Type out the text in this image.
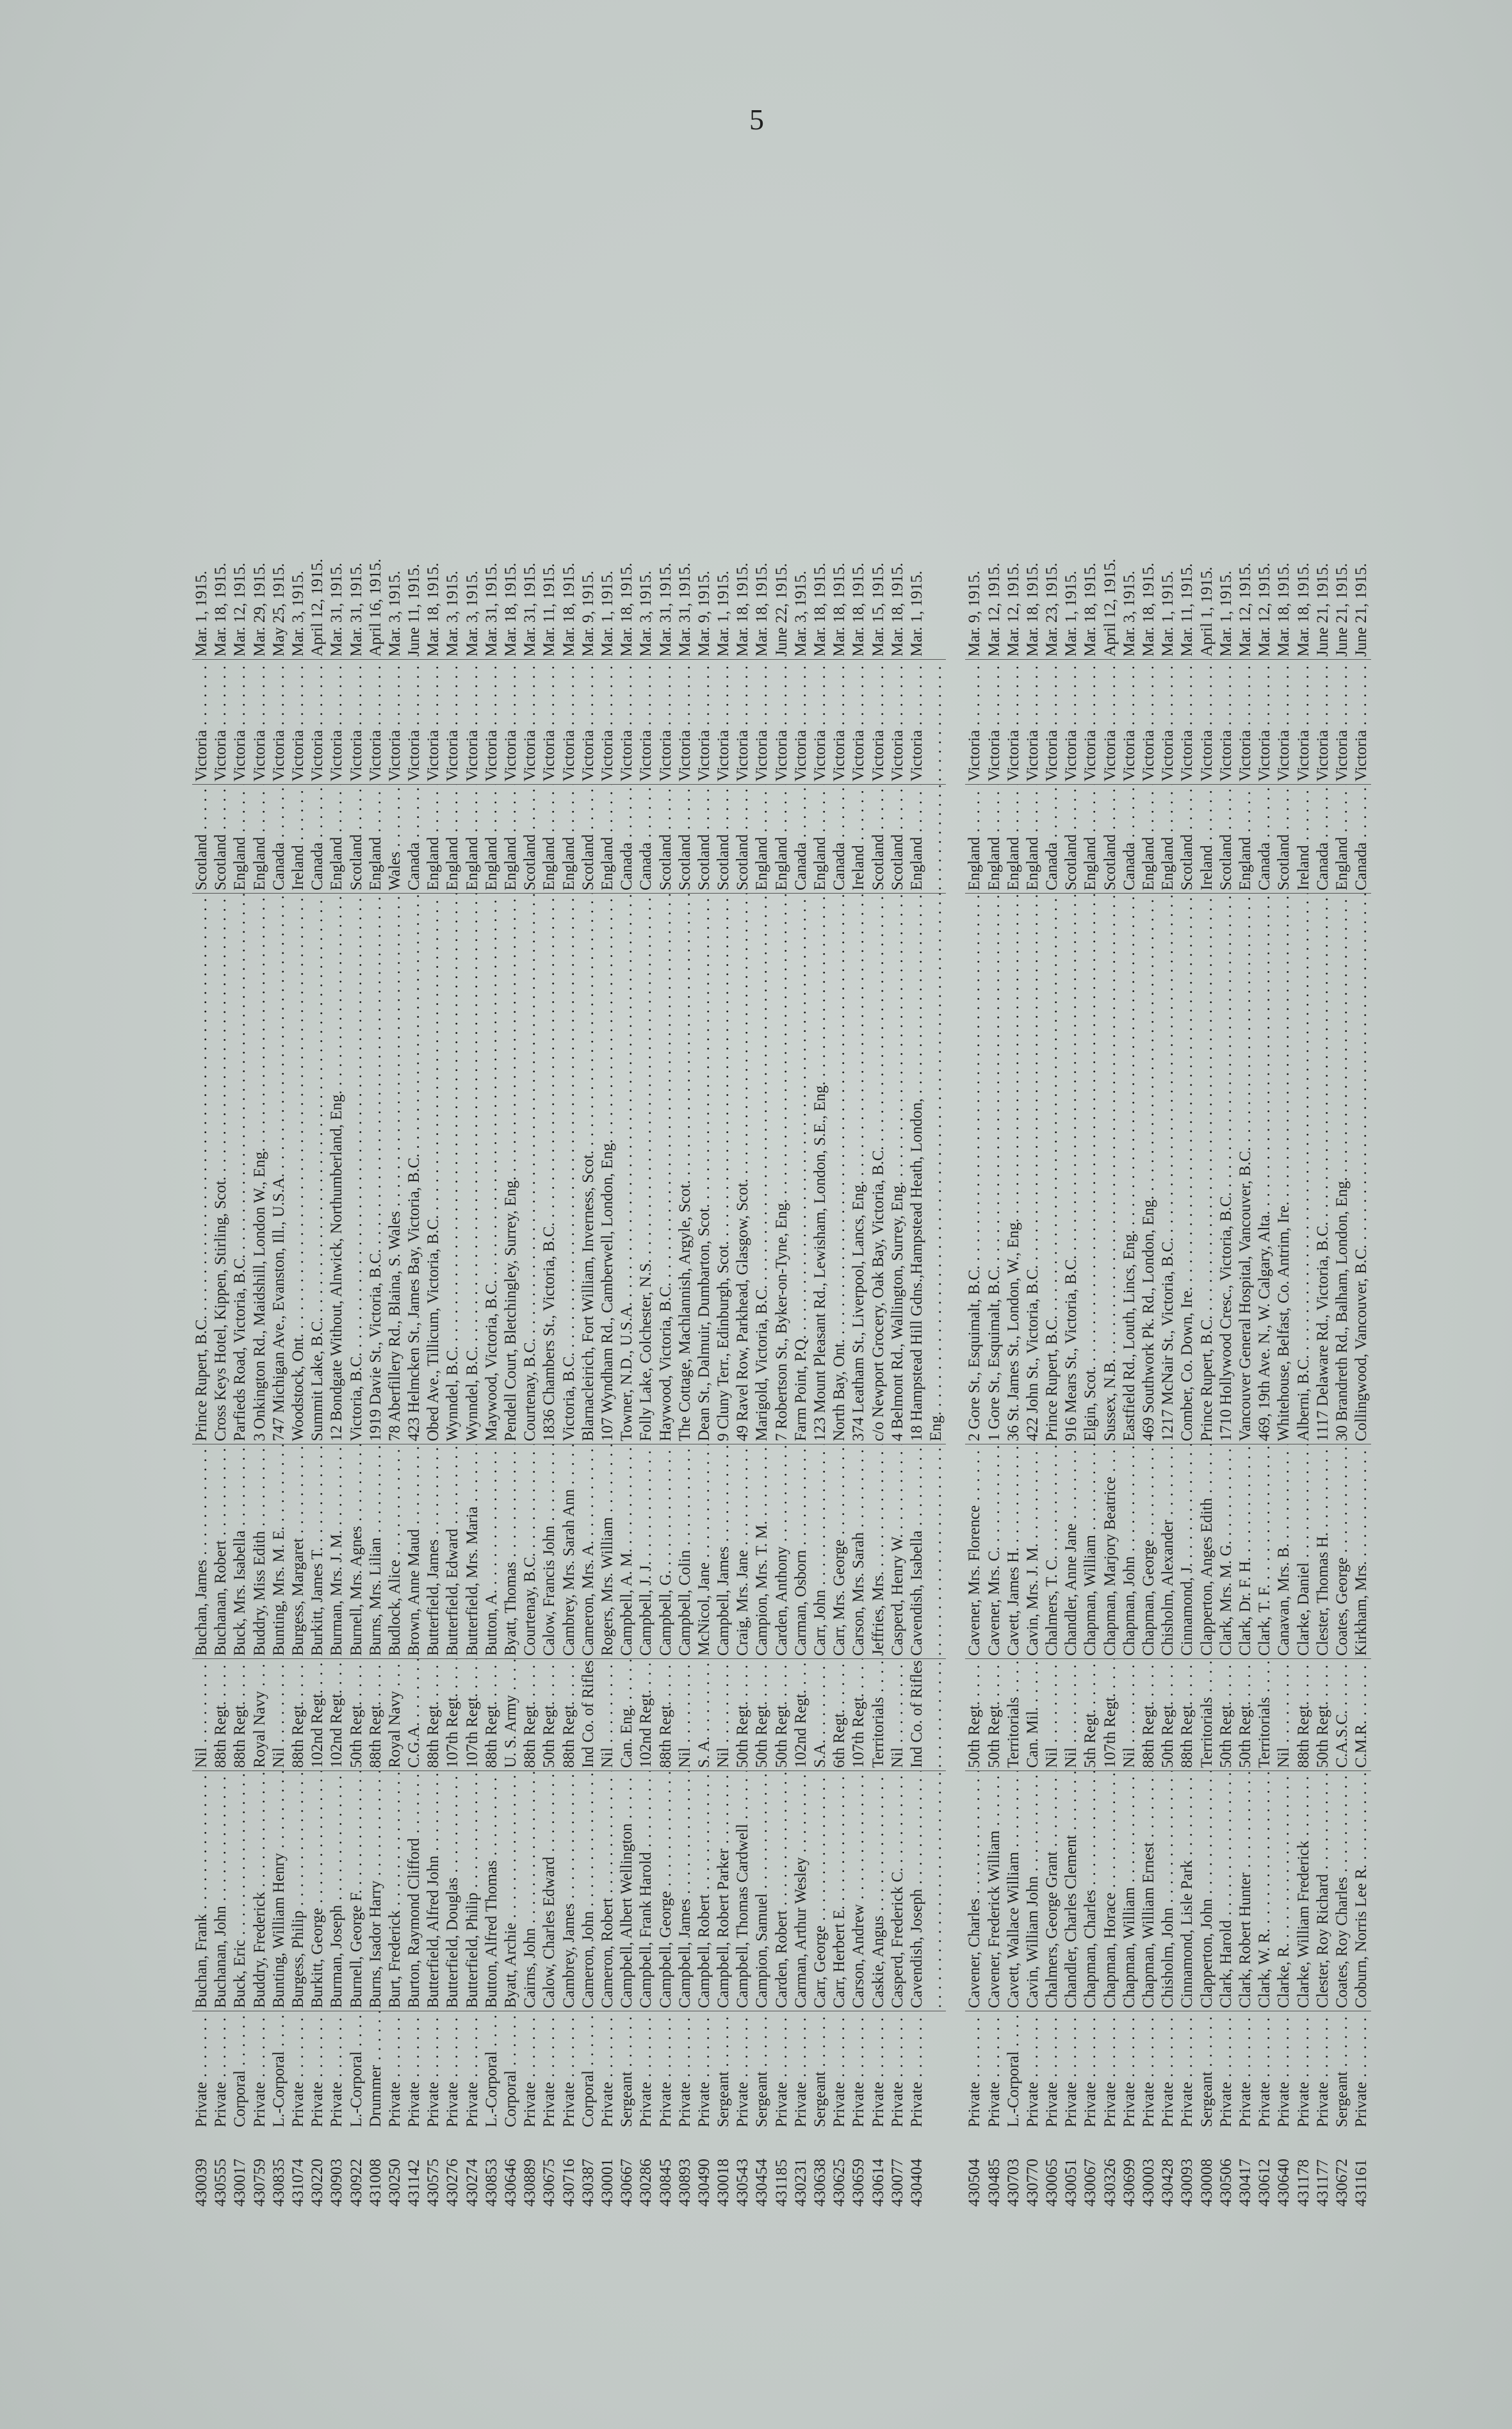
5
430039
Private . . .
Buchan, Frank . . .
Nil . . .
Buchan, James . . .
Prince Rupert, B.C. . . .
Scotland . . .
Victoria . . .
Mar. 1, 1915.
430555
Private . . .
Buchanan, John . . .
88th Regt. . . .
Buchanan, Robert . . .
Cross Keys Hotel, Kippen, Stirling, Scot. . . .
Scotland . . .
Victoria . . .
Mar. 18, 1915.
430017
Corporal . . .
Buck, Eric . . .
88th Regt. . . .
Buck, Mrs. Isabella . . .
Parfieds Road, Victoria, B.C. . . .
England . . .
Victoria . . .
Mar. 12, 1915.
430759
Private . . .
Buddry, Frederick . . .
Royal Navy . . .
Buddry, Miss Edith . . .
3 Onkington Rd., Maidshill, London W., Eng. . . .
England . . .
Victoria . . .
Mar. 29, 1915.
430835
L.-Corporal . . .
Bunting, William Henry . . .
Nil . . .
Bunting, Mrs. M. E. . . .
747 Michigan Ave., Evanston, Ill., U.S.A. . . .
Canada . . .
Victoria . . .
May 25, 1915.
431074
Private . . .
Burgess, Philip . . .
88th Regt. . . .
Burgess, Margaret . . .
Woodstock, Ont. . . .
Ireland . . .
Victoria . . .
Mar. 3, 1915.
430220
Private . . .
Burkitt, George . . .
102nd Regt. . . .
Burkitt, James T. . . .
Summit Lake, B.C. . . .
Canada . . .
Victoria . . .
April 12, 1915.
430903
Private . . .
Burman, Joseph . . .
102nd Regt. . . .
Burman, Mrs. J. M. . . .
12 Bondgate Without, Alnwick, Northumberland, Eng. . . .
England . . .
Victoria . . .
Mar. 31, 1915.
430922
L.-Corporal . . .
Burnell, George F. . . .
50th Regt. . . .
Burnell, Mrs. Agnes . . .
Victoria, B.C. . . .
Scotland . . .
Victoria . . .
Mar. 31, 1915.
431008
Drummer . . .
Burns, Isador Harry . . .
88th Regt. . . .
Burns, Mrs. Lilian . . .
1919 Davie St., Victoria, B.C. . . .
England . . .
Victoria . . .
April 16, 1915.
430250
Private . . .
Burt, Frederick . . .
Royal Navy . . .
Budlock, Alice . . .
78 Aberfillery Rd., Blaina, S. Wales . . .
Wales . . .
Victoria . . .
Mar. 3, 1915.
431142
Private . . .
Burton, Raymond Clifford . . .
C.G.A. . . .
Brown, Anne Maud . . .
423 Helmcken St., James Bay, Victoria, B.C. . . .
Canada . . .
Victoria . . .
June 11, 1915.
430575
Private . . .
Butterfield, Alfred John . . .
88th Regt. . . .
Butterfield, James . . .
Obed Ave., Tillicum, Victoria, B.C. . . .
England . . .
Victoria . . .
Mar. 18, 1915.
430276
Private . . .
Butterfield, Douglas . . .
107th Regt. . . .
Butterfield, Edward . . .
Wynndel, B.C. . . .
England . . .
Victoria . . .
Mar. 3, 1915.
430274
Private . . .
Butterfield, Philip . . .
107th Regt. . . .
Butterfield, Mrs. Maria . . .
Wynndel, B.C. . . .
England . . .
Victoria . . .
Mar. 3, 1915.
430853
L.-Corporal . . .
Button, Alfred Thomas . . .
88th Regt. . . .
Button, A. . . .
Maywood, Victoria, B.C. . . .
England . . .
Victoria . . .
Mar. 31, 1915.
430646
Corporal . . .
Byatt, Archie . . .
U. S. Army . . .
Byatt, Thomas . . .
Pendell Court, Bletchingley, Surrey, Eng. . . .
England . . .
Victoria . . .
Mar. 18, 1915.
430889
Private . . .
Cairns, John . . .
88th Regt. . . .
Courtenay, B.C. . . .
Courtenay, B.C. . . .
Scotland . . .
Victoria . . .
Mar. 31, 1915.
430675
Private . . .
Calow, Charles Edward . . .
50th Regt. . . .
Calow, Francis John . . .
1836 Chambers St., Victoria, B.C. . . .
England . . .
Victoria . . .
Mar. 11, 1915.
430716
Private . . .
Cambrey, James . . .
88th Regt. . . .
Cambrey, Mrs. Sarah Ann . . .
Victoria, B.C. . . .
England . . .
Victoria . . .
Mar. 18, 1915.
430387
Corporal . . .
Cameron, John . . .
Ind Co. of Rifles . . .
Cameron, Mrs. A. . . .
Blarnacleirich, Fort William, Inverness, Scot. . . .
Scotland . . .
Victoria . . .
Mar. 9, 1915.
430001
Private . . .
Cameron, Robert . . .
Nil . . .
Rogers, Mrs. William . . .
107 Wyndham Rd., Camberwell, London, Eng. . . .
England . . .
Victoria . . .
Mar. 1, 1915.
430667
Sergeant . . .
Campbell, Albert Wellington . . .
Can. Eng. . . .
Campbell, A. M. . . .
Towner, N.D., U.S.A. . . .
Canada . . .
Victoria . . .
Mar. 18, 1915.
430286
Private . . .
Campbell, Frank Harold . . .
102nd Regt. . . .
Campbell, J. J. . . .
Folly Lake, Colchester, N.S. . . .
Canada . . .
Victoria . . .
Mar. 3, 1915.
430845
Private . . .
Campbell, George . . .
88th Regt. . . .
Campbell, G. . . .
Haywood, Victoria, B.C. . . .
Scotland . . .
Victoria . . .
Mar. 31, 1915.
430893
Private . . .
Campbell, James . . .
Nil . . .
Campbell, Colin . . .
The Cottage, Machlannish, Argyle, Scot. . . .
Scotland . . .
Victoria . . .
Mar. 31, 1915.
430490
Private . . .
Campbell, Robert . . .
S. A. . . .
McNicol, Jane . . .
Dean St., Dalmuir, Dumbarton, Scot. . . .
Scotland . . .
Victoria . . .
Mar. 9, 1915.
430018
Sergeant . . .
Campbell, Robert Parker . . .
Nil . . .
Campbell, James . . .
9 Cluny Terr., Edinburgh, Scot. . . .
Scotland . . .
Victoria . . .
Mar. 1, 1915.
430543
Private . . .
Campbell, Thomas Cardwell . . .
50th Regt. . . .
Craig, Mrs. Jane . . .
49 Ravel Row, Parkhead, Glasgow, Scot. . . .
Scotland . . .
Victoria . . .
Mar. 18, 1915.
430454
Sergeant . . .
Campion, Samuel . . .
50th Regt. . . .
Campion, Mrs. T. M. . . .
Marigold, Victoria, B.C. . . .
England . . .
Victoria . . .
Mar. 18, 1915.
431185
Private . . .
Carden, Robert . . .
50th Regt. . . .
Carden, Anthony . . .
7 Robertson St., Byker-on-Tyne, Eng. . . .
England . . .
Victoria . . .
June 22, 1915.
430231
Private . . .
Carman, Arthur Wesley . . .
102nd Regt. . . .
Carman, Osborn . . .
Farm Point, P.Q. . . .
Canada . . .
Victoria . . .
Mar. 3, 1915.
430638
Sergeant . . .
Carr, George . . .
S.A. . . .
Carr, John . . .
123 Mount Pleasant Rd., Lewisham, London, S.E., Eng. . . .
England . . .
Victoria . . .
Mar. 18, 1915.
430625
Private . . .
Carr, Herbert E. . . .
6th Regt. . . .
Carr, Mrs. George . . .
North Bay, Ont. . . .
Canada . . .
Victoria . . .
Mar. 18, 1915.
430659
Private . . .
Carson, Andrew . . .
107th Regt. . . .
Carson, Mrs. Sarah . . .
374 Leatham St., Liverpool, Lancs, Eng. . . .
Ireland . . .
Victoria . . .
Mar. 18, 1915.
430614
Private . . .
Caskie, Angus . . .
Territorials . . .
Jeffries, Mrs. . . .
c/o Newport Grocery, Oak Bay, Victoria, B.C. . . .
Scotland . . .
Victoria . . .
Mar. 15, 1915.
430077
Private . . .
Casperd, Frederick C. . . .
Nil . . .
Casperd, Henry W. . . .
4 Belmont Rd., Wallington, Surrey, Eng. . . .
Scotland . . .
Victoria . . .
Mar. 18, 1915.
430404
Private . . .
Cavendish, Joseph . . .
Ind Co. of Rifles . . .
Cavendish, Isabella . . .
18 Hampstead Hill Gdns.,Hampstead Heath, London, . . .
England . . .
Victoria . . .
Mar. 1, 1915.
. . .
. . .
. . .
Eng. . . .
. . .
. . .
430504
Private . . .
Cavener, Charles . . .
50th Regt. . . .
Cavener, Mrs. Florence . . .
2 Gore St., Esquimalt, B.C. . . .
England . . .
Victoria . . .
Mar. 9, 1915.
430485
Private . . .
Cavener, Frederick William . . .
50th Regt. . . .
Cavener, Mrs. C. . . .
1 Gore St., Esquimalt, B.C. . . .
England . . .
Victoria . . .
Mar. 12, 1915.
430703
L.-Corporal . . .
Cavett, Wallace William . . .
Territorials . . .
Cavett, James H. . . .
36 St. James St., London, W., Eng. . . .
England . . .
Victoria . . .
Mar. 12, 1915.
430770
Private . . .
Cavin, William John . . .
Can. Mil. . . .
Cavin, Mrs. J. M. . . .
422 John St., Victoria, B.C. . . .
England . . .
Victoria . . .
Mar. 18, 1915.
430065
Private . . .
Chalmers, George Grant . . .
Nil . . .
Chalmers, T. C. . . .
Prince Rupert, B.C. . . .
Canada . . .
Victoria . . .
Mar. 23, 1915.
430051
Private . . .
Chandler, Charles Clement . . .
Nil . . .
Chandler, Anne Jane . . .
916 Mears St., Victoria, B.C. . . .
Scotland . . .
Victoria . . .
Mar. 1, 1915.
430067
Private . . .
Chapman, Charles . . .
5th Regt. . . .
Chapman, William . . .
Elgin, Scot. . . .
England . . .
Victoria . . .
Mar. 18, 1915.
430326
Private . . .
Chapman, Horace . . .
107th Regt. . . .
Chapman, Marjory Beatrice . . .
Sussex, N.B. . . .
Scotland . . .
Victoria . . .
April 12, 1915.
430699
Private . . .
Chapman, William . . .
Nil . . .
Chapman, John . . .
Eastfield Rd., Louth, Lincs, Eng. . . .
Canada . . .
Victoria . . .
Mar. 3, 1915.
430003
Private . . .
Chapman, William Ernest . . .
88th Regt. . . .
Chapman, George . . .
469 Southwork Pk. Rd., London, Eng. . . .
England . . .
Victoria . . .
Mar. 18, 1915.
430428
Private . . .
Chisholm, John . . .
50th Regt. . . .
Chisholm, Alexander . . .
1217 McNair St., Victoria, B.C. . . .
England . . .
Victoria . . .
Mar. 1, 1915.
430093
Private . . .
Cinnamond, Lisle Park . . .
88th Regt. . . .
Cinnamond, J. . . .
Comber, Co. Down, Ire. . . .
Scotland . . .
Victoria . . .
Mar. 11, 1915.
430008
Sergeant . . .
Clapperton, John . . .
Territorials . . .
Clapperton, Anges Edith . . .
Prince Rupert, B.C. . . .
Ireland . . .
Victoria . . .
April 1, 1915.
430506
Private . . .
Clark, Harold . . .
50th Regt. . . .
Clark, Mrs. M. G. . . .
1710 Hollywood Cresc., Victoria, B.C. . . .
Scotland . . .
Victoria . . .
Mar. 1, 1915.
430417
Private . . .
Clark, Robert Hunter . . .
50th Regt. . . .
Clark, Dr. F. H. . . .
Vancouver General Hospital, Vancouver, B.C. . . .
England . . .
Victoria . . .
Mar. 12, 1915.
430612
Private . . .
Clark, W. R. . . .
Territorials . . .
Clark, T. F. . . .
469, 19th Ave. N., W. Calgary, Alta. . . .
Canada . . .
Victoria . . .
Mar. 12, 1915.
430640
Private . . .
Clarke, R. . . .
Nil . . .
Canavan, Mrs. B. . . .
Whitehouse, Belfast, Co. Antrim, Ire. . . .
Scotland . . .
Victoria . . .
Mar. 18, 1915.
431178
Private . . .
Clarke, William Frederick . . .
88th Regt. . . .
Clarke, Daniel . . .
Alberni, B.C. . . .
Ireland . . .
Victoria . . .
Mar. 18, 1915.
431177
Private . . .
Clester, Roy Richard . . .
50th Regt. . . .
Clester, Thomas H. . . .
1117 Delaware Rd., Victoria, B.C. . . .
Canada . . .
Victoria . . .
June 21, 1915.
430672
Sergeant . . .
Coates, Roy Charles . . .
C.A.S.C. . . .
Coates, George . . .
30 Brandreth Rd., Balham, London, Eng. . . .
England . . .
Victoria . . .
June 21, 1915.
431161
Private . . .
Coburn, Norris Lee R. . . .
C.M.R. . . .
Kirkham, Mrs. . . .
Collingwood, Vancouver, B.C. . . .
Canada . . .
Victoria . . .
June 21, 1915.
